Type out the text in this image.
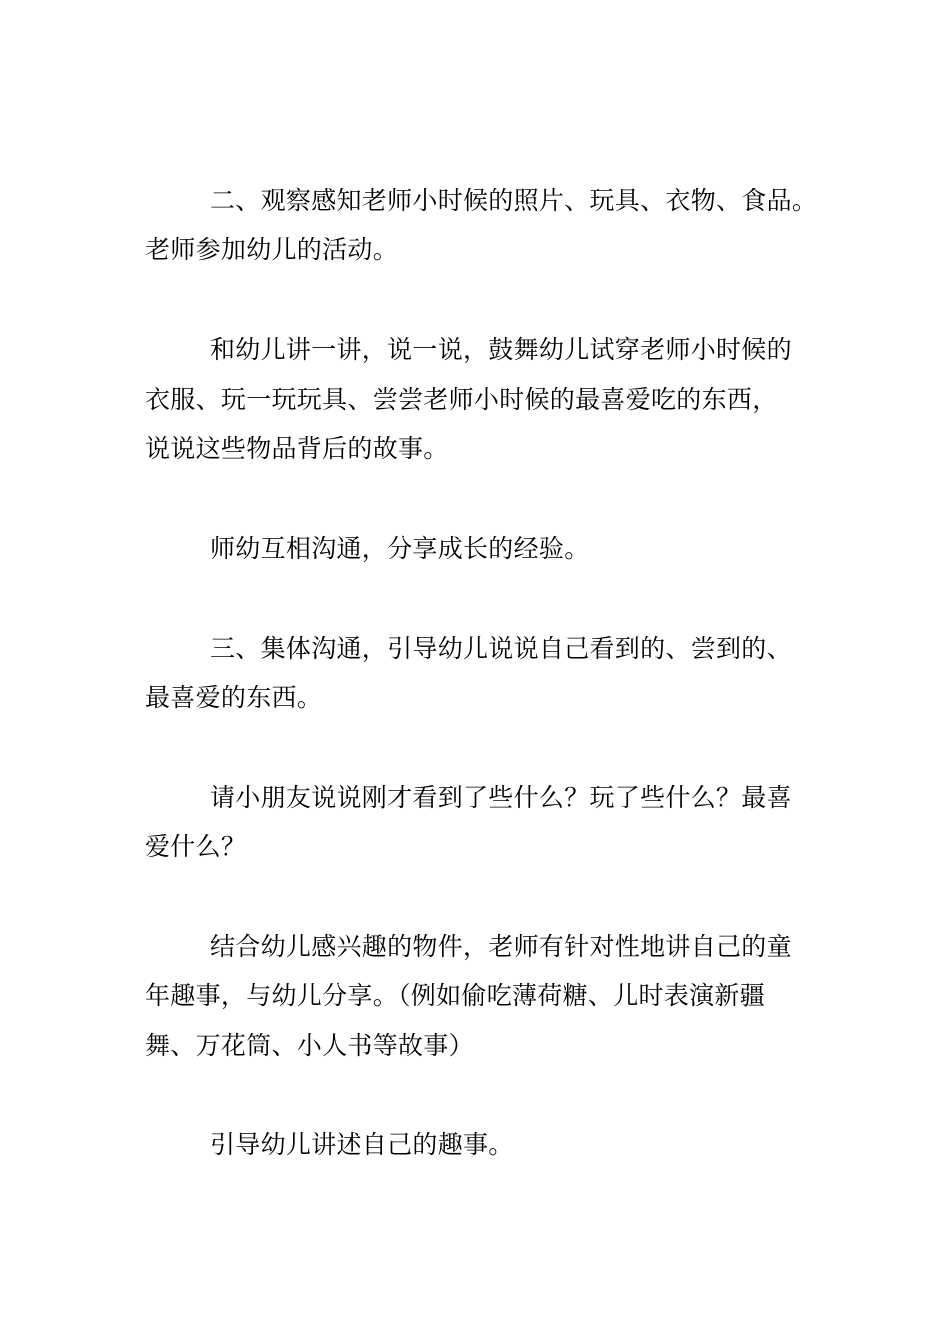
二、观察感知老师小时候的照片、玩具、衣物、食品。
老师参加幼儿的活动。
和幼儿讲一讲，说一说，鼓舞幼儿试穿老师小时候的
衣服、玩一玩玩具、尝尝老师小时候的最喜爱吃的东西，
说说这些物品背后的故事。
师幼互相沟通，分享成长的经验。
三、集体沟通，引导幼儿说说自己看到的、尝到的、
最喜爱的东西。
请小朋友说说刚才看到了些什么？玩了些什么？最喜
爱什么？
结合幼儿感兴趣的物件，老师有针对性地讲自己的童
年趣事，与幼儿分享。（例如偷吃薄荷糖、儿时表演新疆
舞、万花筒、小人书等故事）
引导幼儿讲述自己的趣事。
